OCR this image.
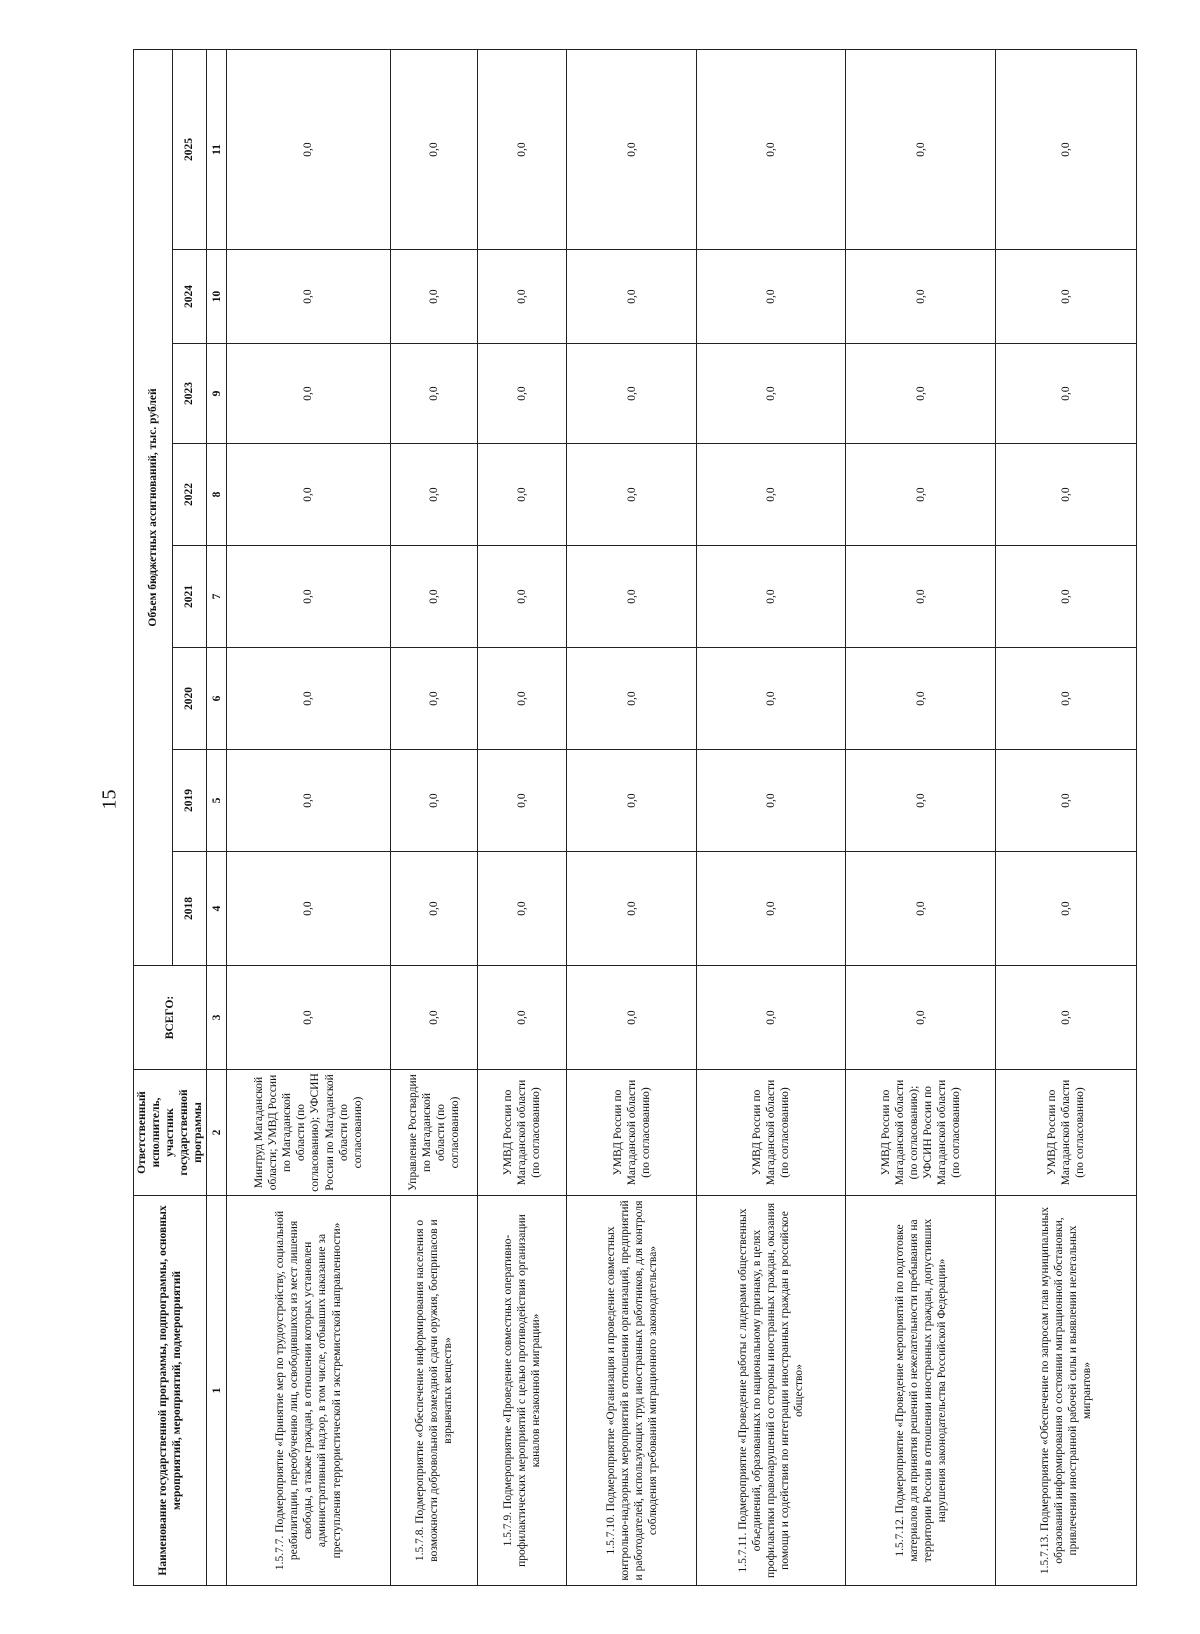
15
Наименование государственной программы, подпрограммы, основных мероприятий, мероприятий, подмероприятий	Ответственный исполнитель, участник государственной программы	ВСЕГО:	Объем бюджетных ассигнований, тыс. рублей							
			2018	2019	2020	2021	2022	2023	2024	2025
1	2	3	4	5	6	7	8	9	10	11
1.5.7.7. Подмероприятие «Принятие мер по трудоустройству, социальной реабилитации, переобучению лиц, освободившихся из мест лишения свободы, а также граждан, в отношении которых установлен административный надзор, в том числе, отбывших наказание за преступления террористической и экстремистской направленности»	Минтруд Магаданской области; УМВД России по Магаданской области (по согласованию); УФСИН России по Магаданской области (по согласованию)	0,0	0,0	0,0	0,0	0,0	0,0	0,0	0,0	0,0
1.5.7.8. Подмероприятие «Обеспечение информирования населения о возможности добровольной возмездной сдачи оружия, боеприпасов и взрывчатых веществ»	Управление Росгвардии по Магаданской области (по согласованию)	0,0	0,0	0,0	0,0	0,0	0,0	0,0	0,0	0,0
1.5.7.9. Подмероприятие «Проведение совместных оперативно-профилактических мероприятий с целью противодействия организации каналов незаконной миграции»	УМВД России по Магаданской области (по согласованию)	0,0	0,0	0,0	0,0	0,0	0,0	0,0	0,0	0,0
1.5.7.10. Подмероприятие «Организация и проведение совместных контрольно-надзорных мероприятий в отношении организаций, предприятий и работодателей, использующих труд иностранных работников, для контроля соблюдения требований миграционного законодательства»	УМВД России по Магаданской области (по согласованию)	0,0	0,0	0,0	0,0	0,0	0,0	0,0	0,0	0,0
1.5.7.11. Подмероприятие «Проведение работы с лидерами общественных объединений, образованных по национальному признаку, в целях профилактики правонарушений со стороны иностранных граждан, оказания помощи и содействия по интеграции иностранных граждан в российское общество»	УМВД России по Магаданской области (по согласованию)	0,0	0,0	0,0	0,0	0,0	0,0	0,0	0,0	0,0
1.5.7.12. Подмероприятие «Проведение мероприятий по подготовке материалов для принятия решений о нежелательности пребывания на территории России в отношении иностранных граждан, допустивших нарушения законодательства Российской Федерации»	УМВД России по Магаданской области (по согласованию); УФСИН России по Магаданской области (по согласованию)	0,0	0,0	0,0	0,0	0,0	0,0	0,0	0,0	0,0
1.5.7.13. Подмероприятие «Обеспечение по запросам глав муниципальных образований информирования о состоянии миграционной обстановки, привлечении иностранной рабочей силы и выявлении нелегальных мигрантов»	УМВД России по Магаданской области (по согласованию)	0,0	0,0	0,0	0,0	0,0	0,0	0,0	0,0	0,0
